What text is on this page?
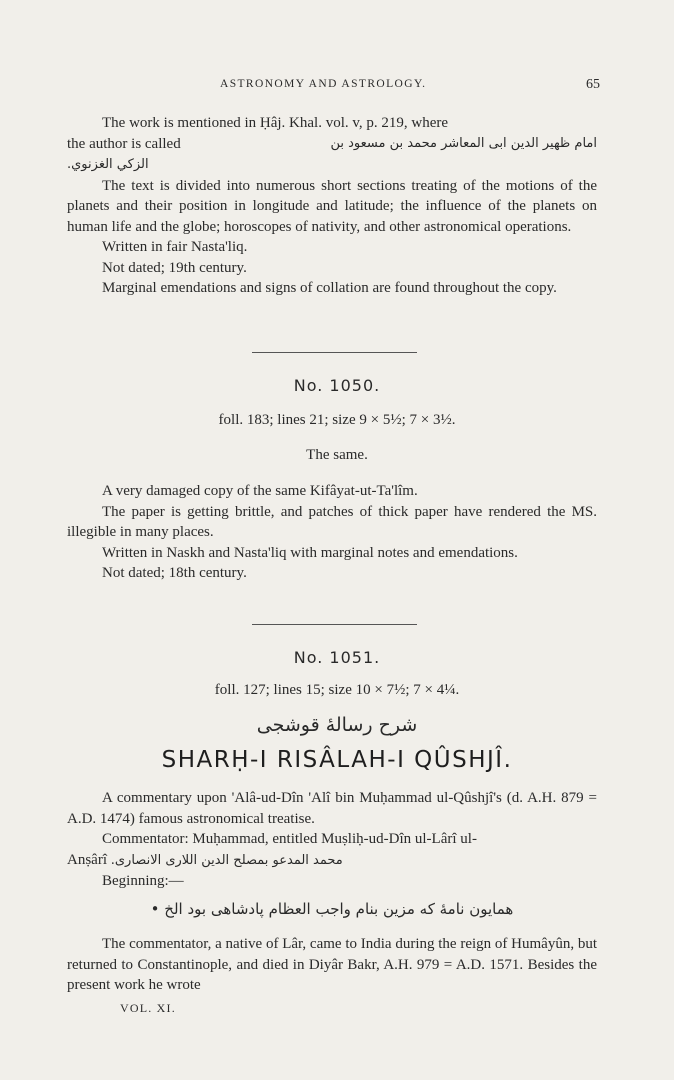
ASTRONOMY AND ASTROLOGY.	65

The work is mentioned in Ḥâj. Khal. vol. v, p. 219, where

the author is called	امام ظهير الدين ابى المعاشر محمد بن مسعود بن

الزكي الغزنوي.

The text is divided into numerous short sections treating of the motions of the planets and their position in longitude and latitude; the influence of the planets on human life and the globe; horoscopes of nativity, and other astronomical operations.

Written in fair Nasta'liq.

Not dated; 19th century.

Marginal emendations and signs of collation are found throughout the copy.

No. 1050.
foll. 183; lines 21; size 9 × 5½; 7 × 3½.
The same.

A very damaged copy of the same Kifâyat-ut-Ta'lîm.

The paper is getting brittle, and patches of thick paper have rendered the MS. illegible in many places.

Written in Naskh and Nasta'liq with marginal notes and emendations.

Not dated; 18th century.

No. 1051.
foll. 127; lines 15; size 10 × 7½; 7 × 4¼.
شرح رسالهٔ قوشجی
SHARḤ-I RISÂLAH-I QÛSHJÎ.

A commentary upon 'Alâ-ud-Dîn 'Alî bin Muḥammad ul-Qûshjî's (d. A.H. 879 = A.D. 1474) famous astronomical treatise.

Commentator: Muḥammad, entitled Muṣliḥ-ud-Dîn ul-Lârî ul-

Anṣârî محمد المدعو بمصلح الدين اللارى الانصارى.

Beginning:—

همايون نامهٔ كه مزين بنام واجب العظام پادشاهی بود الخ •

The commentator, a native of Lâr, came to India during the reign of Humâyûn, but returned to Constantinople, and died in Diyâr Bakr, A.H. 979 = A.D. 1571. Besides the present work he wrote

VOL. XI.
